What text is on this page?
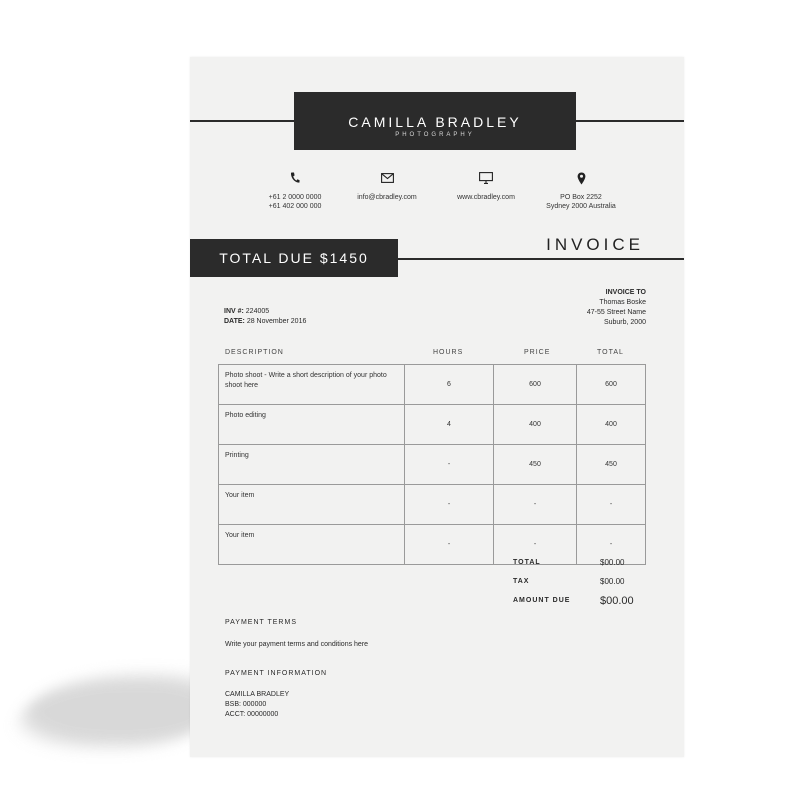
CAMILLA BRADLEY
PHOTOGRAPHY
+61 2 0000 0000
+61 402 000 000
info@cbradley.com	www.cbradley.com	PO Box 2252
Sydney 2000 Australia
TOTAL DUE $1450
INVOICE
INVOICE TO
Thomas Boske
47-55 Street Name
Suburb, 2000
INV #: 224005
DATE: 28 November 2016
DESCRIPTION	HOURS	PRICE	TOTAL
Photo shoot - Write a short description of your photo shoot here	6	600	600
Photo editing	4	400	400
Printing	-	450	450
Your item	-	-	-
Your item	-	-	-
TOTAL	$00.00
TAX	$00.00
AMOUNT DUE	$00.00
PAYMENT TERMS
Write your payment terms and conditions here
PAYMENT INFORMATION
CAMILLA BRADLEY
BSB: 000000
ACCT: 00000000
